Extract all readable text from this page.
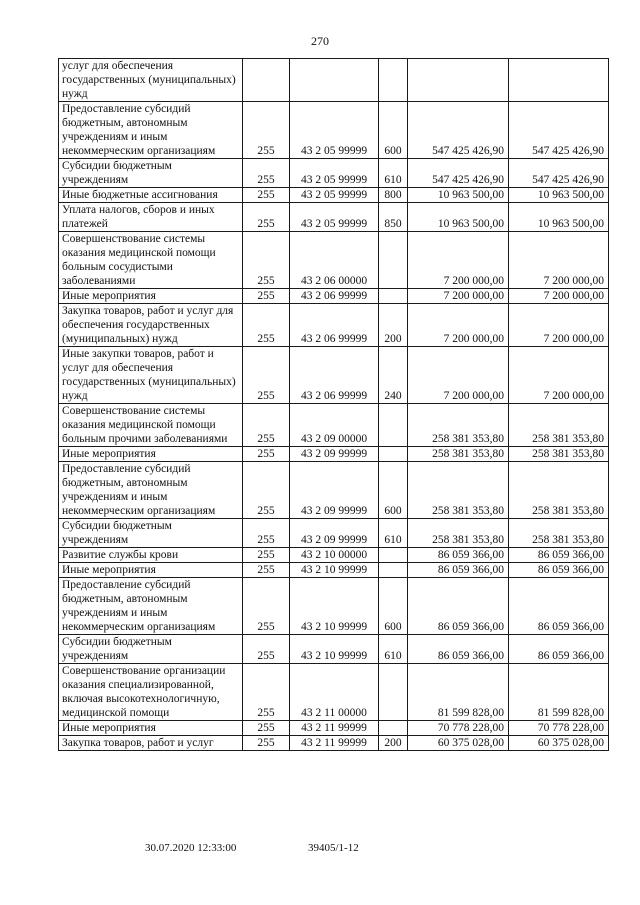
270
услуг для обеспечения государственных (муниципальных) нужд					
Предоставление субсидий бюджетным, автономным учреждениям и иным некоммерческим организациям	255	43 2 05 99999	600	547 425 426,90	547 425 426,90
Субсидии бюджетным учреждениям	255	43 2 05 99999	610	547 425 426,90	547 425 426,90
Иные бюджетные ассигнования	255	43 2 05 99999	800	10 963 500,00	10 963 500,00
Уплата налогов, сборов и иных платежей	255	43 2 05 99999	850	10 963 500,00	10 963 500,00
Совершенствование системы оказания медицинской помощи больным сосудистыми заболеваниями	255	43 2 06 00000		7 200 000,00	7 200 000,00
Иные мероприятия	255	43 2 06 99999		7 200 000,00	7 200 000,00
Закупка товаров, работ и услуг для обеспечения государственных (муниципальных) нужд	255	43 2 06 99999	200	7 200 000,00	7 200 000,00
Иные закупки товаров, работ и услуг для обеспечения государственных (муниципальных) нужд	255	43 2 06 99999	240	7 200 000,00	7 200 000,00
Совершенствование системы оказания медицинской помощи больным прочими заболеваниями	255	43 2 09 00000		258 381 353,80	258 381 353,80
Иные мероприятия	255	43 2 09 99999		258 381 353,80	258 381 353,80
Предоставление субсидий бюджетным, автономным учреждениям и иным некоммерческим организациям	255	43 2 09 99999	600	258 381 353,80	258 381 353,80
Субсидии бюджетным учреждениям	255	43 2 09 99999	610	258 381 353,80	258 381 353,80
Развитие службы крови	255	43 2 10 00000		86 059 366,00	86 059 366,00
Иные мероприятия	255	43 2 10 99999		86 059 366,00	86 059 366,00
Предоставление субсидий бюджетным, автономным учреждениям и иным некоммерческим организациям	255	43 2 10 99999	600	86 059 366,00	86 059 366,00
Субсидии бюджетным учреждениям	255	43 2 10 99999	610	86 059 366,00	86 059 366,00
Совершенствование организации оказания специализированной, включая высокотехнологичную, медицинской помощи	255	43 2 11 00000		81 599 828,00	81 599 828,00
Иные мероприятия	255	43 2 11 99999		70 778 228,00	70 778 228,00
Закупка товаров, работ и услуг	255	43 2 11 99999	200	60 375 028,00	60 375 028,00
30.07.2020 12:33:00	39405/1-12
